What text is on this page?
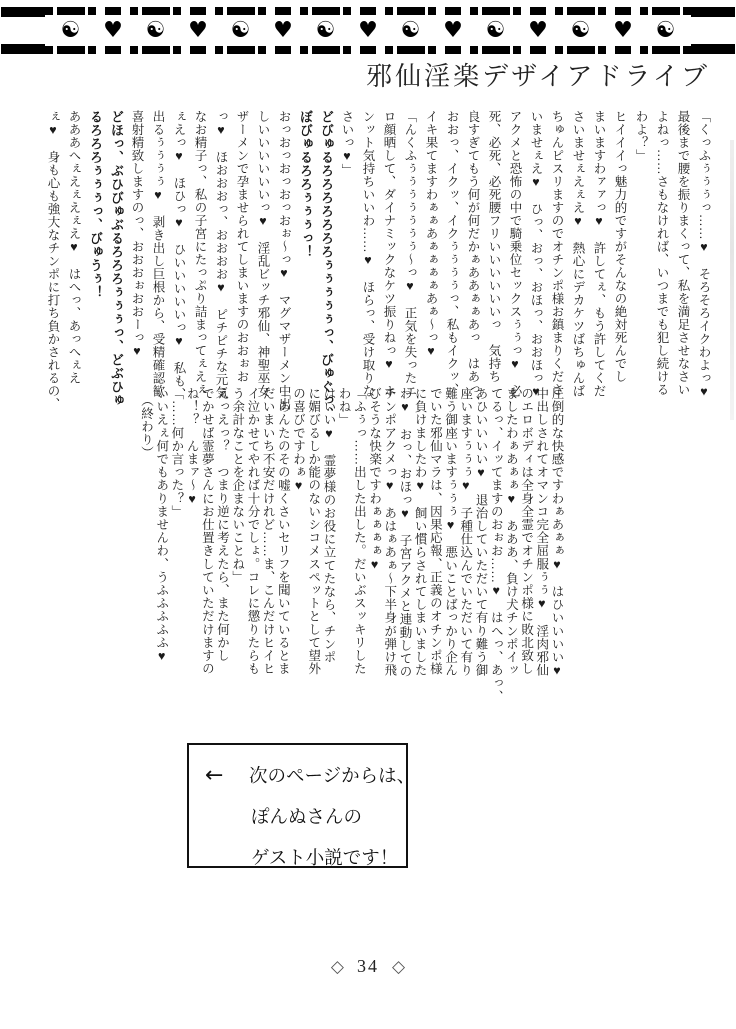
☯ ♥ ☯ ♥ ☯ ♥ ☯ ♥ ☯ ♥ ☯ ♥ ☯ ♥ ☯
邪仙淫楽デザイアドライブ
「くっふぅぅぅっ……♥　そろそろイクわよっ♥
最後まで腰を振りまくって、私を満足させなさい
よねっ……さもなければ、いつまでも犯し続ける
わよ？」
ヒイイイっ魅力的ですがそんなの絶対死んでし
まいますわァァっ♥　許してぇ、もう許してくだ
さいませぇえぇえ♥　熱心にデカケツばちゅんば
ちゅんピスリますのでオチンポ様お鎮まりくださ
いませぇえ♥　ひっ、おっ、おほっ、おおほっ♥
アクメと恐怖の中で騎乗位セックスぅぅっ♥　必
死、必死、必死腰フリいいいいいいっ　気持ち
良すぎてもう何が何だかぁああぁぁあっ　はあっ、
おおっ、イクッ、イクぅぅぅぅっ、私もイクッ、
イキ果てますわぁぁあぁぁぁぁあぁ～っ♥
「んくふぅぅぅぅぅぅぅ～っ♥　正気を失ったエ
ロ顔晒して、ダイナミックなケツ振りねっ♥　ホ
ンット気持ちいいわ……♥　ほらっ、受け取りな
さいっ♥」
どびゅるろろろろろろろぅぅぅぅぅっ、びゅぐっ、
ぼびゅるろろぅぅぅっ！
おっおっおっおっおぉ～っ♥　マグマザーメン中出
しいいいいいいっ♥　淫乱ビッチ邪仙、神聖巫女
ザーメンで孕ませられてしまいますのおおぉお
っ♥　ほおおおっ、おおおお♥　ピチピチな元気
なお精子っ、私の子宮にたっぷり詰まってぇえぇ
ぇえっ♥　ほひっ♥　ひいいいいいっ♥　私も、
出るぅぅぅぅ♥　剥き出し巨根から、受精確認歓
喜射精致しますのっ、おおおぉおおーっ♥
どほっ、ぶひびゅぶるろろろぅぅぅっ、どぶひゅ
るろろろぅぅぅっ、びゅうぅ！
あああへぇえぇえぇえ♥　はへっ、あっへぇえ
ぇ♥　身も心も強大なチンポに打ち負かされるの、
圧倒的な快感ですわぁあぁぁ♥　はひいいいい♥
中出しされてオマンコ完全屈服ぅぅ♥　淫肉邪仙
のエロボディは全身全霊でオチンポ様に敗北致し
ましたわぁあぁぁ♥　あああ、負け犬チンポイッ
てるっ、イッてますのおぉお……♥　はへっ、あっ、
あひいいいい♥　退治していただいて有り難う御
座いますぅぅぅ♥　子種仕込んでいただいて有り
難う御座いますぅぅぅ♥　悪いことばっかり企ん
でいた邪仙マラは、因果応報、正義のオチンポ様
に負けましたわ♥　飼い慣らされてしまいました
わ♥　おっ、おほっ♥　子宮アクメと連動しての
チンポアクメっ♥　あはぁあぁ～下半身が弾け飛
びそうな快楽ですわぁぁぁぁ♥
「ふぅっ……出した出した。だいぶスッキリした
わね」
はいい♥　霊夢様のお役に立てたなら、チンポ
に媚びるしか能のないシコメスペットとして望外
の喜びですわぁ♥
「あんたのその嘘くさいセリフを聞いているとま
だいまいち不安だけれど……ま、こんだけヒイヒ
イ泣かせてやれば十分でしょ。コレに懲りたらも
う余計なことを企まないことね」
えっえっ？　つまり逆に考えたら、また何かし
でかせば霊夢さんにお仕置きしていただけますの
ね！？　んまァ～♥
「……何か言った？」
いいえぇ何でもありませんわ、うふふふふふ♥
　（終わり）
← 次のページからは、
ぽんぬさんの
ゲスト小説です！
◇ 34 ◇
